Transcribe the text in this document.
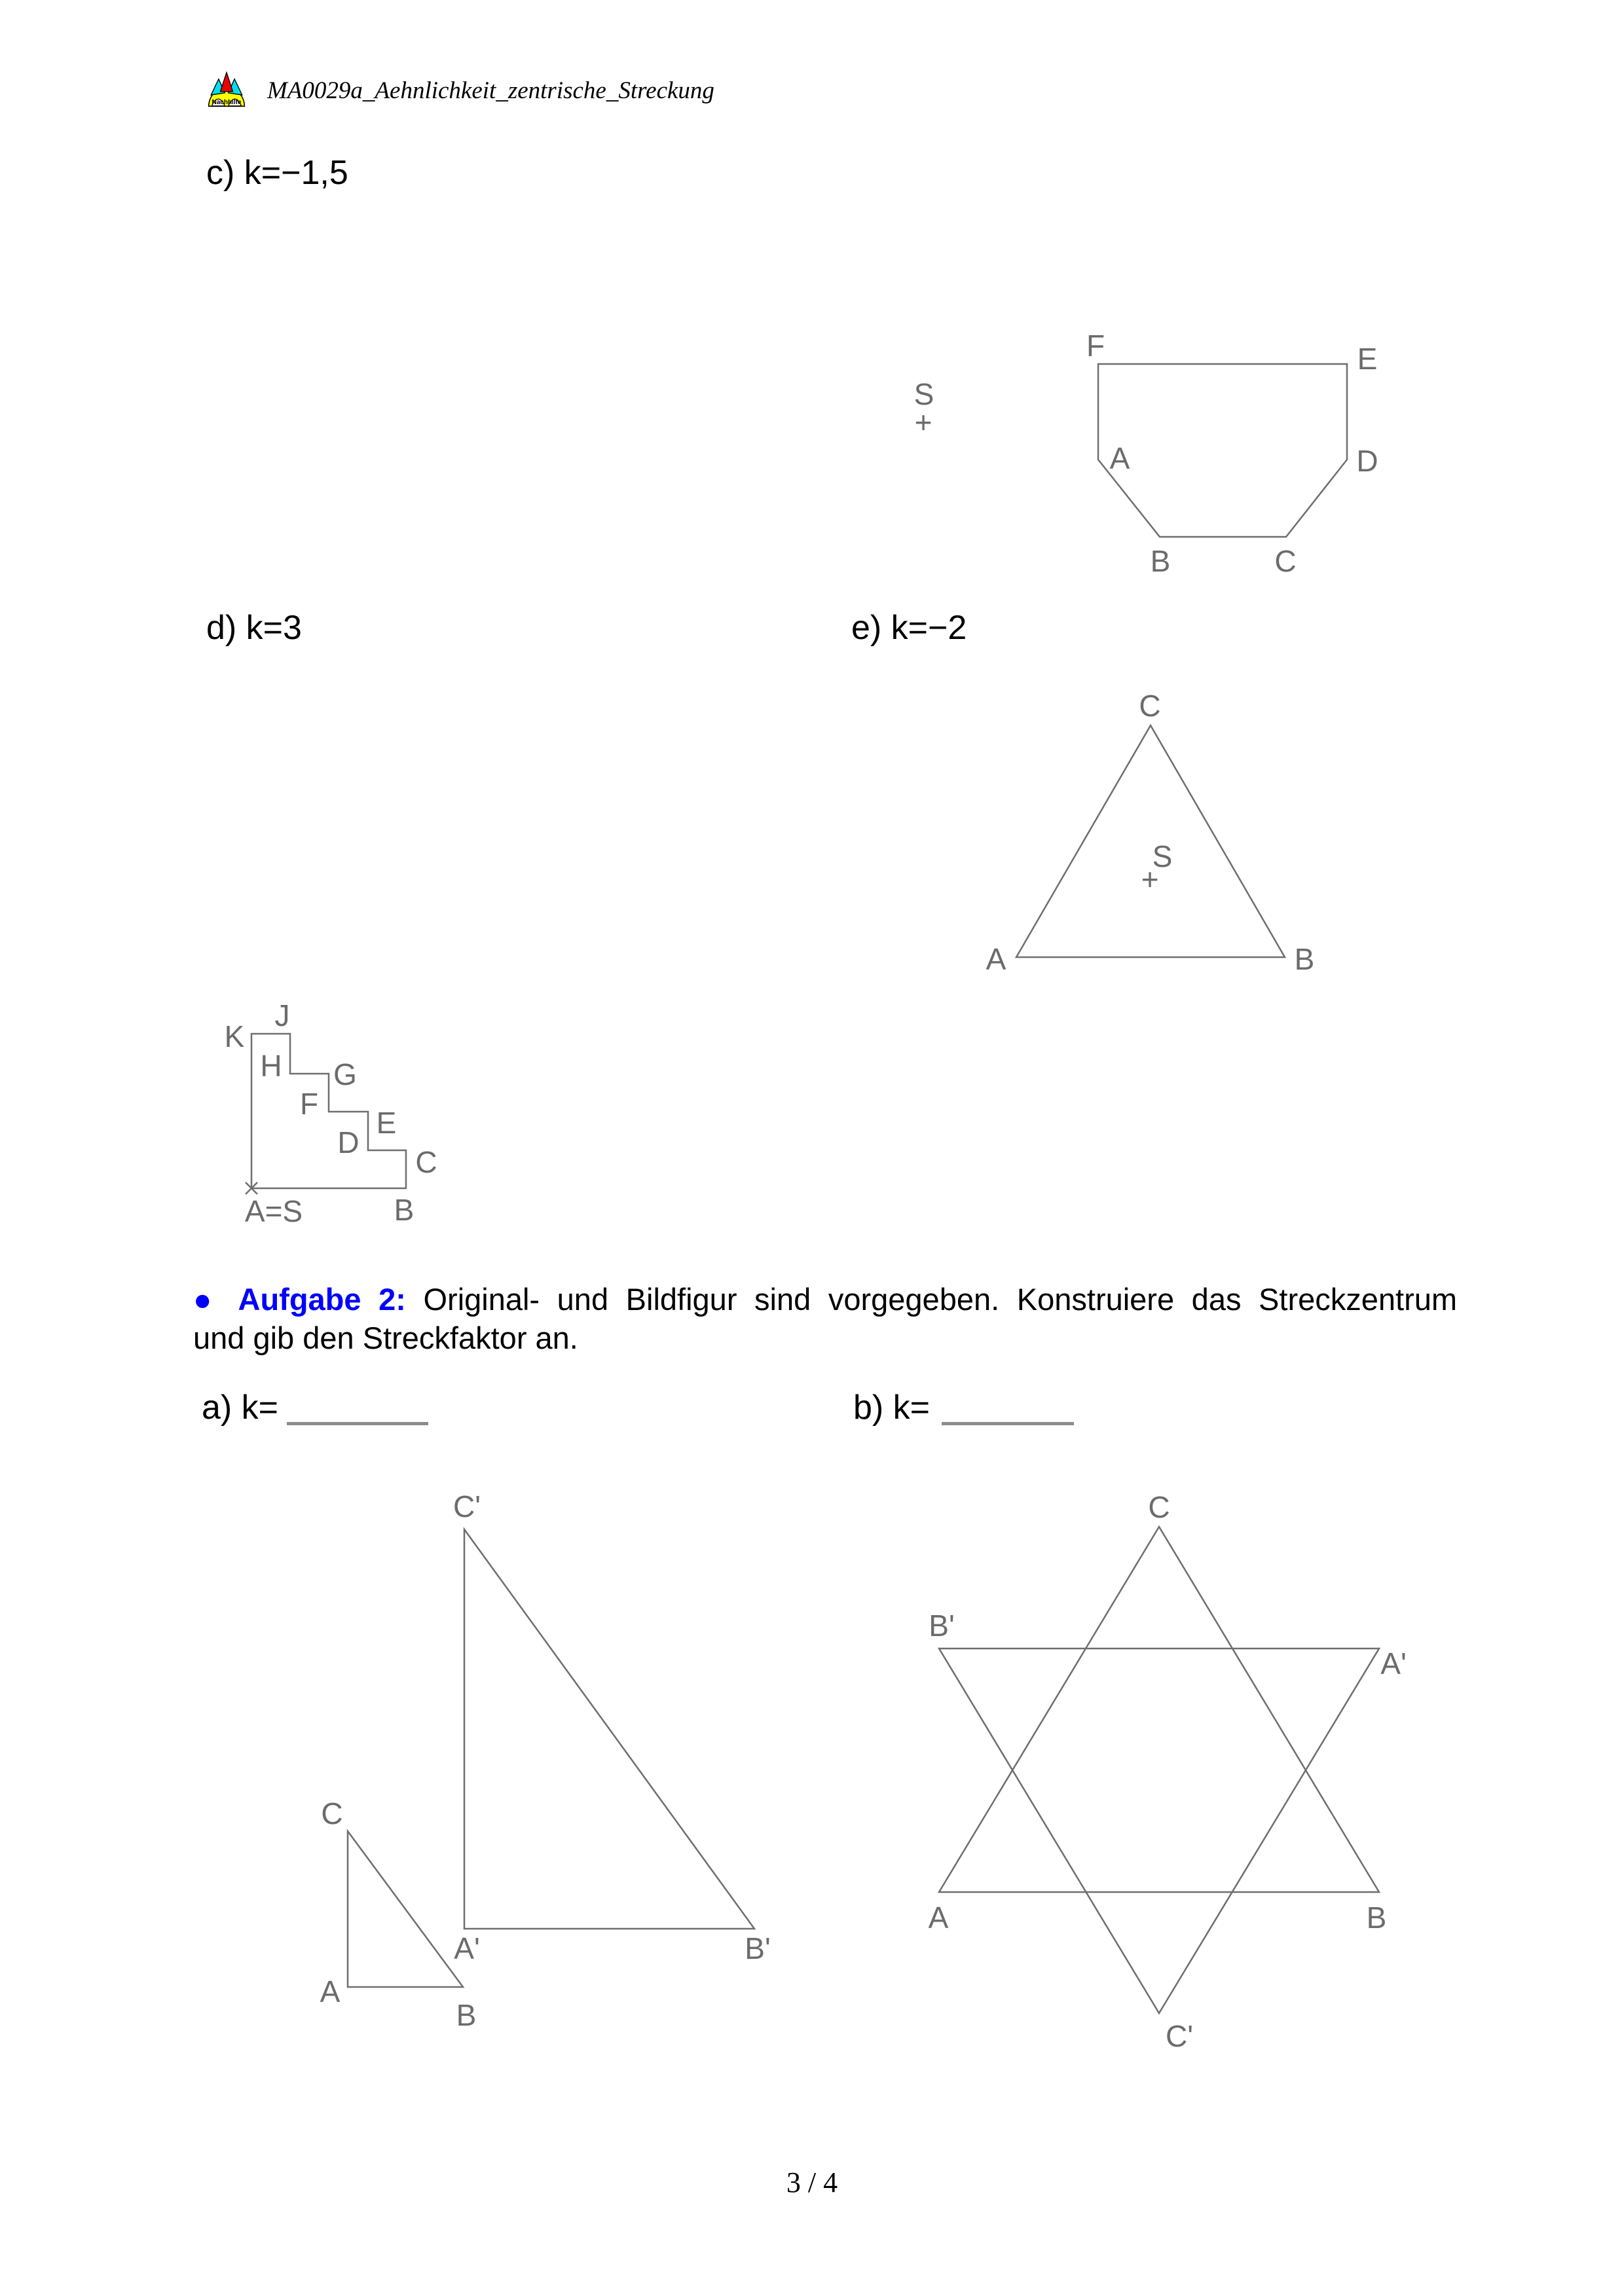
Nachhilfe MA0029a_Aehnlichkeit_zentrische_Streckung
c) k=−1,5
F	E
D
A
B	C
S
+
d) k=3	e) k=−2
C
A	B
S
+
K
J
H G
F
E
D
C
B
A=S
● Aufgabe 2: Original- und Bildfigur sind vorgegeben. Konstruiere das Streckzentrum
und gib den Streckfaktor an.
a) k=	b) k=
C
A
B
C'
A'	B'
C
B'
A'
A	B
C'
3 / 4
